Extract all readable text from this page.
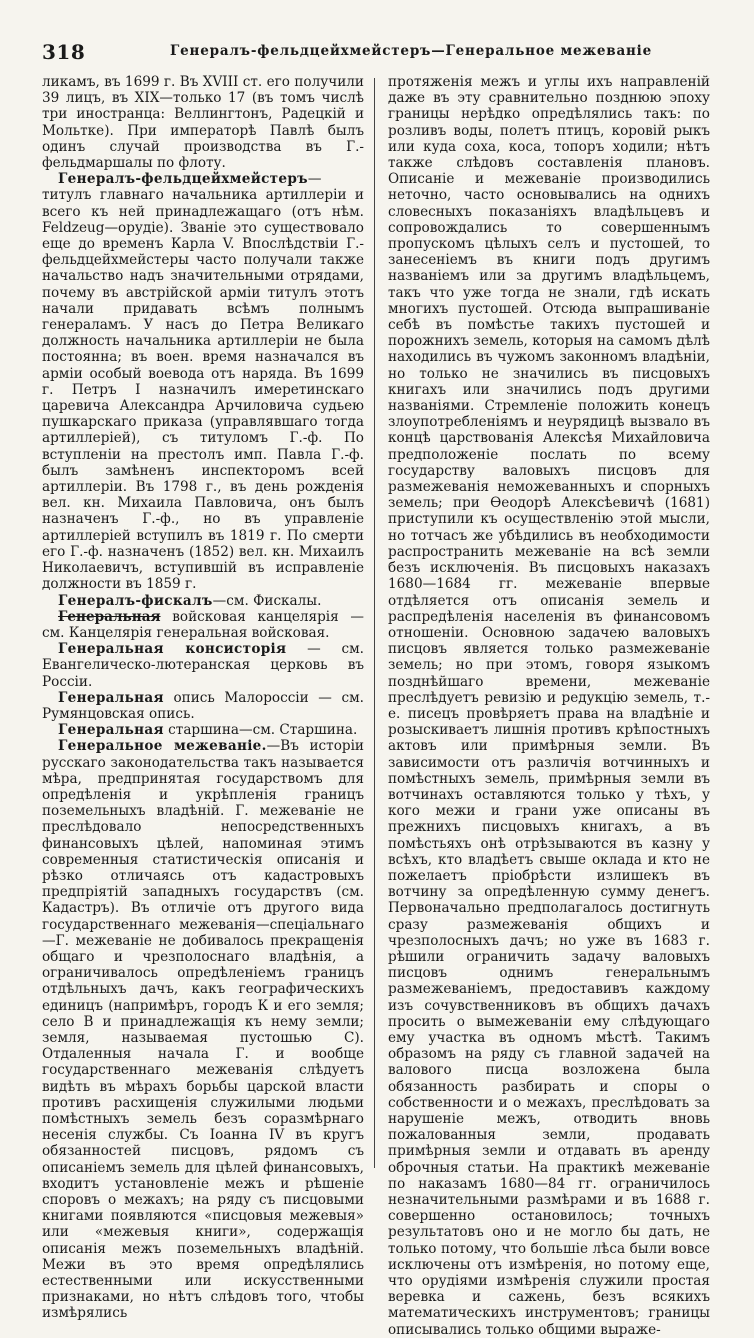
318	Генералъ-фельдцейхмейстеръ—Генеральное межеванiе

ликамъ, въ 1699 г. Въ XVIII ст. его получили 39 лицъ, въ XIX—только 17 (въ томъ числѣ три иностранца: Веллингтонъ, Радецкiй и Мольтке). При императорѣ Павлѣ былъ одинъ случай производства въ Г.-фельдмаршалы по флоту.

Генералъ-фельдцейхмейстеръ— титулъ главнаго начальника артиллерiи и всего къ ней принадлежащаго (отъ нѣм. Feldzeug—орудiе). Званiе это существовало еще до временъ Карла V. Впослѣдствiи Г.-фельдцейхмейстеры часто получали также начальство надъ значительными отрядами, почему въ австрiйской армiи титулъ этотъ начали придавать всѣмъ полнымъ генераламъ. У насъ до Петра Великаго должность начальника артиллерiи не была постоянна; въ воен. время назначался въ армiи особый воевода отъ наряда. Въ 1699 г. Петръ I назначилъ имеретинскаго царевича Александра Арчиловича судьею пушкарскаго приказа (управлявшаго тогда артиллерiей), съ титуломъ Г.-ф. По вступленiи на престолъ имп. Павла Г.-ф. былъ замѣненъ инспекторомъ всей артиллерiи. Въ 1798 г., въ день рожденiя вел. кн. Михаила Павловича, онъ былъ назначенъ Г.-ф., но въ управленiе артиллерiей вступилъ въ 1819 г. По смерти его Г.-ф. назначенъ (1852) вел. кн. Михаилъ Николаевичъ, вступившiй въ исправленiе должности въ 1859 г.

Генералъ-фискалъ—см. Фискалы.

Генеральная войсковая канцелярiя — см. Канцелярiя генеральная войсковая.

Генеральная консисторiя — см. Евангелическо-лютеранская церковь въ Россiи.

Генеральная опись Малороссiи — см. Румянцовская опись.

Генеральная старшина—см. Старшина.

Генеральное межеванiе.—Въ исторiи русскаго законодательства такъ называется мѣра, предпринятая государствомъ для опредѣленiя и укрѣпленiя границъ поземельныхъ владѣнiй. Г. межеванiе не преслѣдовало непосредственныхъ финансовыхъ цѣлей, напоминая этимъ современныя статистическiя описанiя и рѣзко отличаясь отъ кадастровыхъ предпрiятiй западныхъ государствъ (см. Кадастръ). Въ отличiе отъ другого вида государственнаго межеванiя—спецiальнаго—Г. межеванiе не добивалось прекращенiя общаго и чрезполоснаго владѣнiя, а ограничивалось опредѣленiемъ границъ отдѣльныхъ дачъ, какъ географическихъ единицъ (напримѣръ, городъ К и его земля; село В и принадлежащiя къ нему земли; земля, называемая пустошью С). Отдаленныя начала Г. и вообще государственнаго межеванiя слѣдуетъ видѣть въ мѣрахъ борьбы царской власти противъ расхищенiя служилыми людьми помѣстныхъ земель безъ соразмѣрнаго несенiя службы. Съ Iоанна IV въ кругъ обязанностей писцовъ, рядомъ съ описанiемъ земель для цѣлей финансовыхъ, входитъ установленiе межъ и рѣшенiе споровъ о межахъ; на ряду съ писцовыми книгами появляются «писцовыя межевыя» или «межевыя книги», содержащiя описанiя межъ поземельныхъ владѣнiй. Межи въ это время опредѣлялись естественными или искусственными признаками, но нѣтъ слѣдовъ того, чтобы измѣрялись

протяженiя межъ и углы ихъ направленiй даже въ эту сравнительно позднюю эпоху границы нерѣдко опредѣлялись такъ: по розливъ воды, полетъ птицъ, коровiй рыкъ или куда соха, коса, топоръ ходили; нѣтъ также слѣдовъ составленiя плановъ. Описанiе и межеванiе производились неточно, часто основывались на однихъ словесныхъ показанiяхъ владѣльцевъ и сопровождались то совершеннымъ пропускомъ цѣлыхъ селъ и пустошей, то занесенiемъ въ книги подъ другимъ названiемъ или за другимъ владѣльцемъ, такъ что уже тогда не знали, гдѣ искать многихъ пустошей. Отсюда выпрашиванiе себѣ въ помѣстье такихъ пустошей и порожнихъ земель, которыя на самомъ дѣлѣ находились въ чужомъ законномъ владѣнiи, но только не значились въ писцовыхъ книгахъ или значились подъ другими названiями. Стремленiе положить конецъ злоупотребленiямъ и неурядицѣ вызвало въ концѣ царствованiя Алексѣя Михайловича предположенiе послать по всему государству валовыхъ писцовъ для размежеванiя неможеванныхъ и спорныхъ земель; при Ѳеодорѣ Алексѣевичѣ (1681) приступили къ осуществленiю этой мысли, но тотчасъ же убѣдились въ необходимости распространить межеванiе на всѣ земли безъ исключенiя. Въ писцовыхъ наказахъ 1680—1684 гг. межеванiе впервые отдѣляется отъ описанiя земель и распредѣленiя населенiя въ финансовомъ отношенiи. Основною задачею валовыхъ писцовъ является только размежеванiе земель; но при этомъ, говоря языкомъ позднѣйшаго времени, межеванiе преслѣдуетъ ревизiю и редукцiю земель, т.-е. писецъ провѣряетъ права на владѣнiе и розыскиваетъ лишнiя противъ крѣпостныхъ актовъ или примѣрныя земли. Въ зависимости отъ различiя вотчинныхъ и помѣстныхъ земель, примѣрныя земли въ вотчинахъ оставляются только у тѣхъ, у кого межи и грани уже описаны въ прежнихъ писцовыхъ книгахъ, а въ помѣстьяхъ онѣ отрѣзываются въ казну у всѣхъ, кто владѣетъ свыше оклада и кто не пожелаетъ прiобрѣсти излишекъ въ вотчину за опредѣленную сумму денегъ. Первоначально предполагалось достигнуть сразу размежеванiя общихъ и чрезполосныхъ дачъ; но уже въ 1683 г. рѣшили ограничить задачу валовыхъ писцовъ однимъ генеральнымъ размежеванiемъ, предоставивъ каждому изъ сочувственниковъ въ общихъ дачахъ просить о вымежеванiи ему слѣдующаго ему участка въ одномъ мѣстѣ. Такимъ образомъ на ряду съ главной задачей на валового писца возложена была обязанность разбирать и споры о собственности и о межахъ, преслѣдовать за нарушенiе межъ, отводить вновь пожалованныя земли, продавать примѣрныя земли и отдавать въ аренду оброчныя статьи. На практикѣ межеванiе по наказамъ 1680—84 гг. ограничилось незначительными размѣрами и въ 1688 г. совершенно остановилось; точныхъ результатовъ оно и не могло бы дать, не только потому, что большiе лѣса были вовсе исключены отъ измѣренiя, но потому еще, что орудiями измѣренiя служили простая веревка и сажень, безъ всякихъ математическихъ инструментовъ; границы описывались только общими выраже-
